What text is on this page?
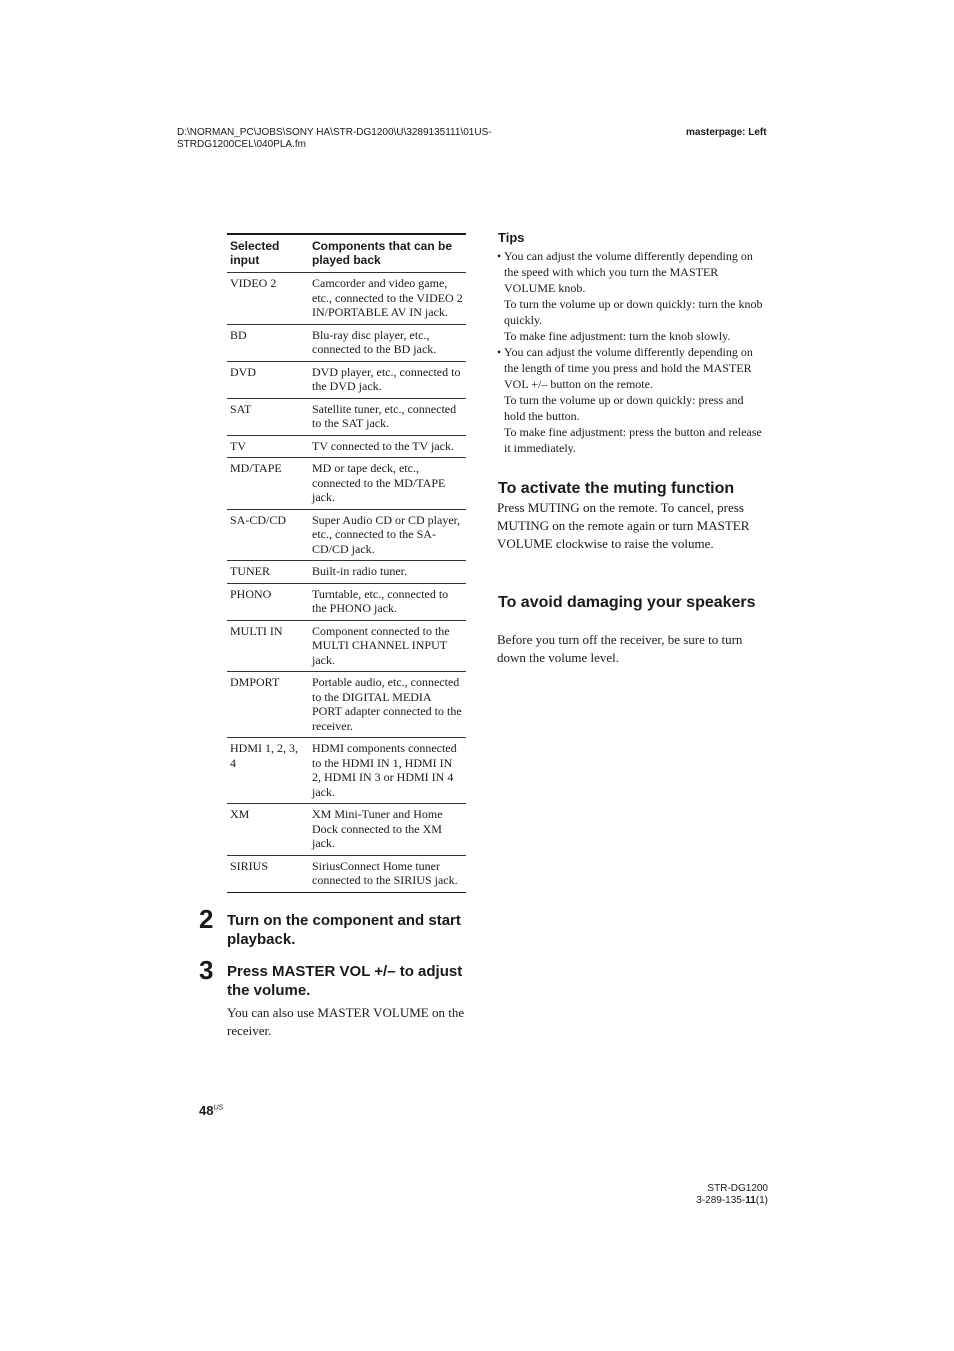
D:\NORMAN_PC\JOBS\SONY HA\STR-DG1200\U\3289135111\01US-
STRDG1200CEL\040PLA.fm
masterpage: Left
Selected input	Components that can be played back
VIDEO 2	Camcorder and video game, etc., connected to the VIDEO 2 IN/PORTABLE AV IN jack.
BD	Blu-ray disc player, etc., connected to the BD jack.
DVD	DVD player, etc., connected to the DVD jack.
SAT	Satellite tuner, etc., connected to the SAT jack.
TV	TV connected to the TV jack.
MD/TAPE	MD or tape deck, etc., connected to the MD/TAPE jack.
SA-CD/CD	Super Audio CD or CD player, etc., connected to the SA-CD/CD jack.
TUNER	Built-in radio tuner.
PHONO	Turntable, etc., connected to the PHONO jack.
MULTI IN	Component connected to the MULTI CHANNEL INPUT jack.
DMPORT	Portable audio, etc., connected to the DIGITAL MEDIA PORT adapter connected to the receiver.
HDMI 1, 2, 3, 4	HDMI components connected to the HDMI IN 1, HDMI IN 2, HDMI IN 3 or HDMI IN 4 jack.
XM	XM Mini-Tuner and Home Dock connected to the XM jack.
SIRIUS	SiriusConnect Home tuner connected to the SIRIUS jack.
2 Turn on the component and start playback.
3 Press MASTER VOL +/– to adjust the volume.
You can also use MASTER VOLUME on the receiver.
Tips
• You can adjust the volume differently depending on the speed with which you turn the MASTER VOLUME knob.
To turn the volume up or down quickly: turn the knob quickly.
To make fine adjustment: turn the knob slowly.
• You can adjust the volume differently depending on the length of time you press and hold the MASTER VOL +/– button on the remote.
To turn the volume up or down quickly: press and hold the button.
To make fine adjustment: press the button and release it immediately.
To activate the muting function
Press MUTING on the remote. To cancel, press MUTING on the remote again or turn MASTER VOLUME clockwise to raise the volume.
To avoid damaging your speakers
Before you turn off the receiver, be sure to turn down the volume level.
$48^{US}$
STR-DG1200
3-289-135-11(1)
